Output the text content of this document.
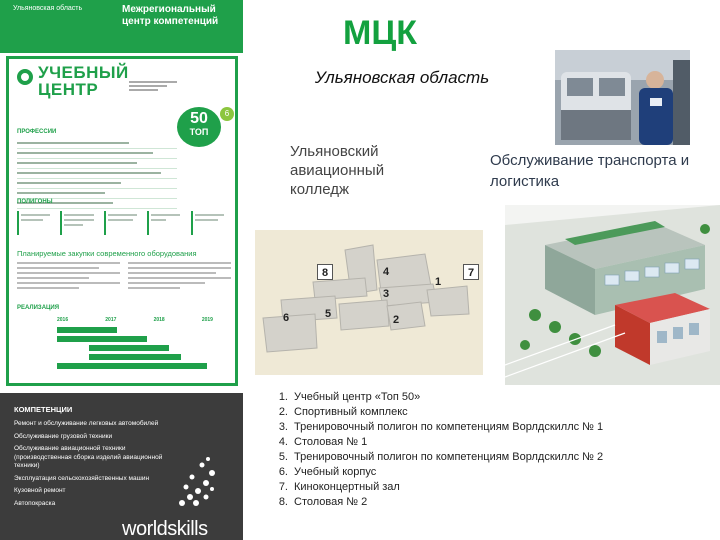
Ульяновская область	Межрегиональный центр компетенций
УЧЕБНЫЙ ЦЕНТР
50
ТОП
6
ПРОФЕССИИ
ПОЛИГОНЫ
Планируемые закупки современного оборудования
РЕАЛИЗАЦИЯ
2016	2017	2018	2019
КОМПЕТЕНЦИИ
Ремонт и обслуживание легковых автомобилей
Обслуживание грузовой техники
Обслуживание авиационной техники (производственная сборка изделий авиационной техники)
Эксплуатация сельскохозяйственных машин
Кузовной ремонт
Автопокраска
worldskills
МЦК
Ульяновская область
Ульяновский авиационный колледж
Обслуживание транспорта и логистика
8	4
1
3
7
6	5	2
1. Учебный центр «Топ 50»
2. Спортивный комплекс
3. Тренировочный полигон по компетенциям Ворлдскиллс № 1
4. Столовая № 1
5. Тренировочный полигон по компетенциям Ворлдскиллс № 2
6. Учебный корпус
7. Киноконцертный зал
8. Столовая № 2
